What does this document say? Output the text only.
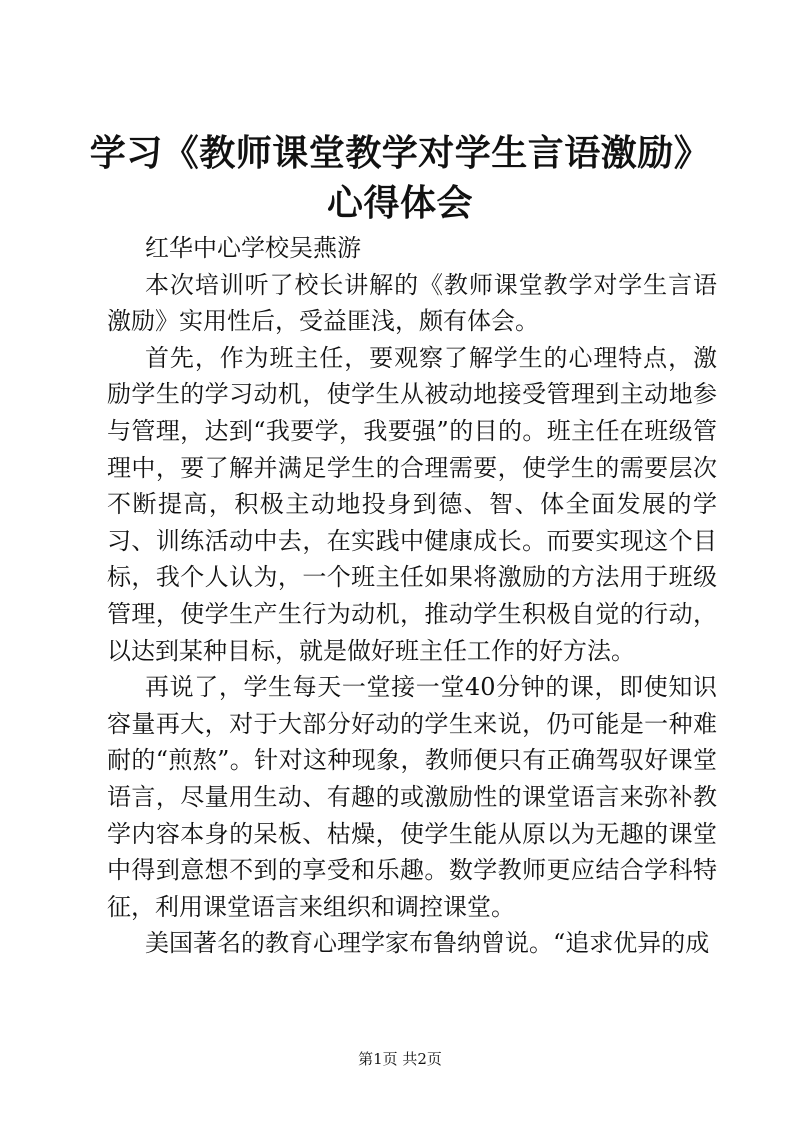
学习《教师课堂教学对学生言语激励》心得体会

红华中心学校吴燕游

本次培训听了校长讲解的《教师课堂教学对学生言语激励》实用性后，受益匪浅，颇有体会。

首先，作为班主任，要观察了解学生的心理特点，激励学生的学习动机，使学生从被动地接受管理到主动地参与管理，达到“我要学，我要强”的目的。班主任在班级管理中，要了解并满足学生的合理需要，使学生的需要层次不断提高，积极主动地投身到德、智、体全面发展的学习、训练活动中去，在实践中健康成长。而要实现这个目标，我个人认为，一个班主任如果将激励的方法用于班级管理，使学生产生行为动机，推动学生积极自觉的行动，以达到某种目标，就是做好班主任工作的好方法。

再说了，学生每天一堂接一堂40分钟的课，即使知识容量再大，对于大部分好动的学生来说，仍可能是一种难耐的“煎熬”。针对这种现象，教师便只有正确驾驭好课堂语言，尽量用生动、有趣的或激励性的课堂语言来弥补教学内容本身的呆板、枯燥，使学生能从原以为无趣的课堂中得到意想不到的享受和乐趣。数学教师更应结合学科特征，利用课堂语言来组织和调控课堂。

美国著名的教育心理学家布鲁纳曾说。“追求优异的成

第1页 共2页
